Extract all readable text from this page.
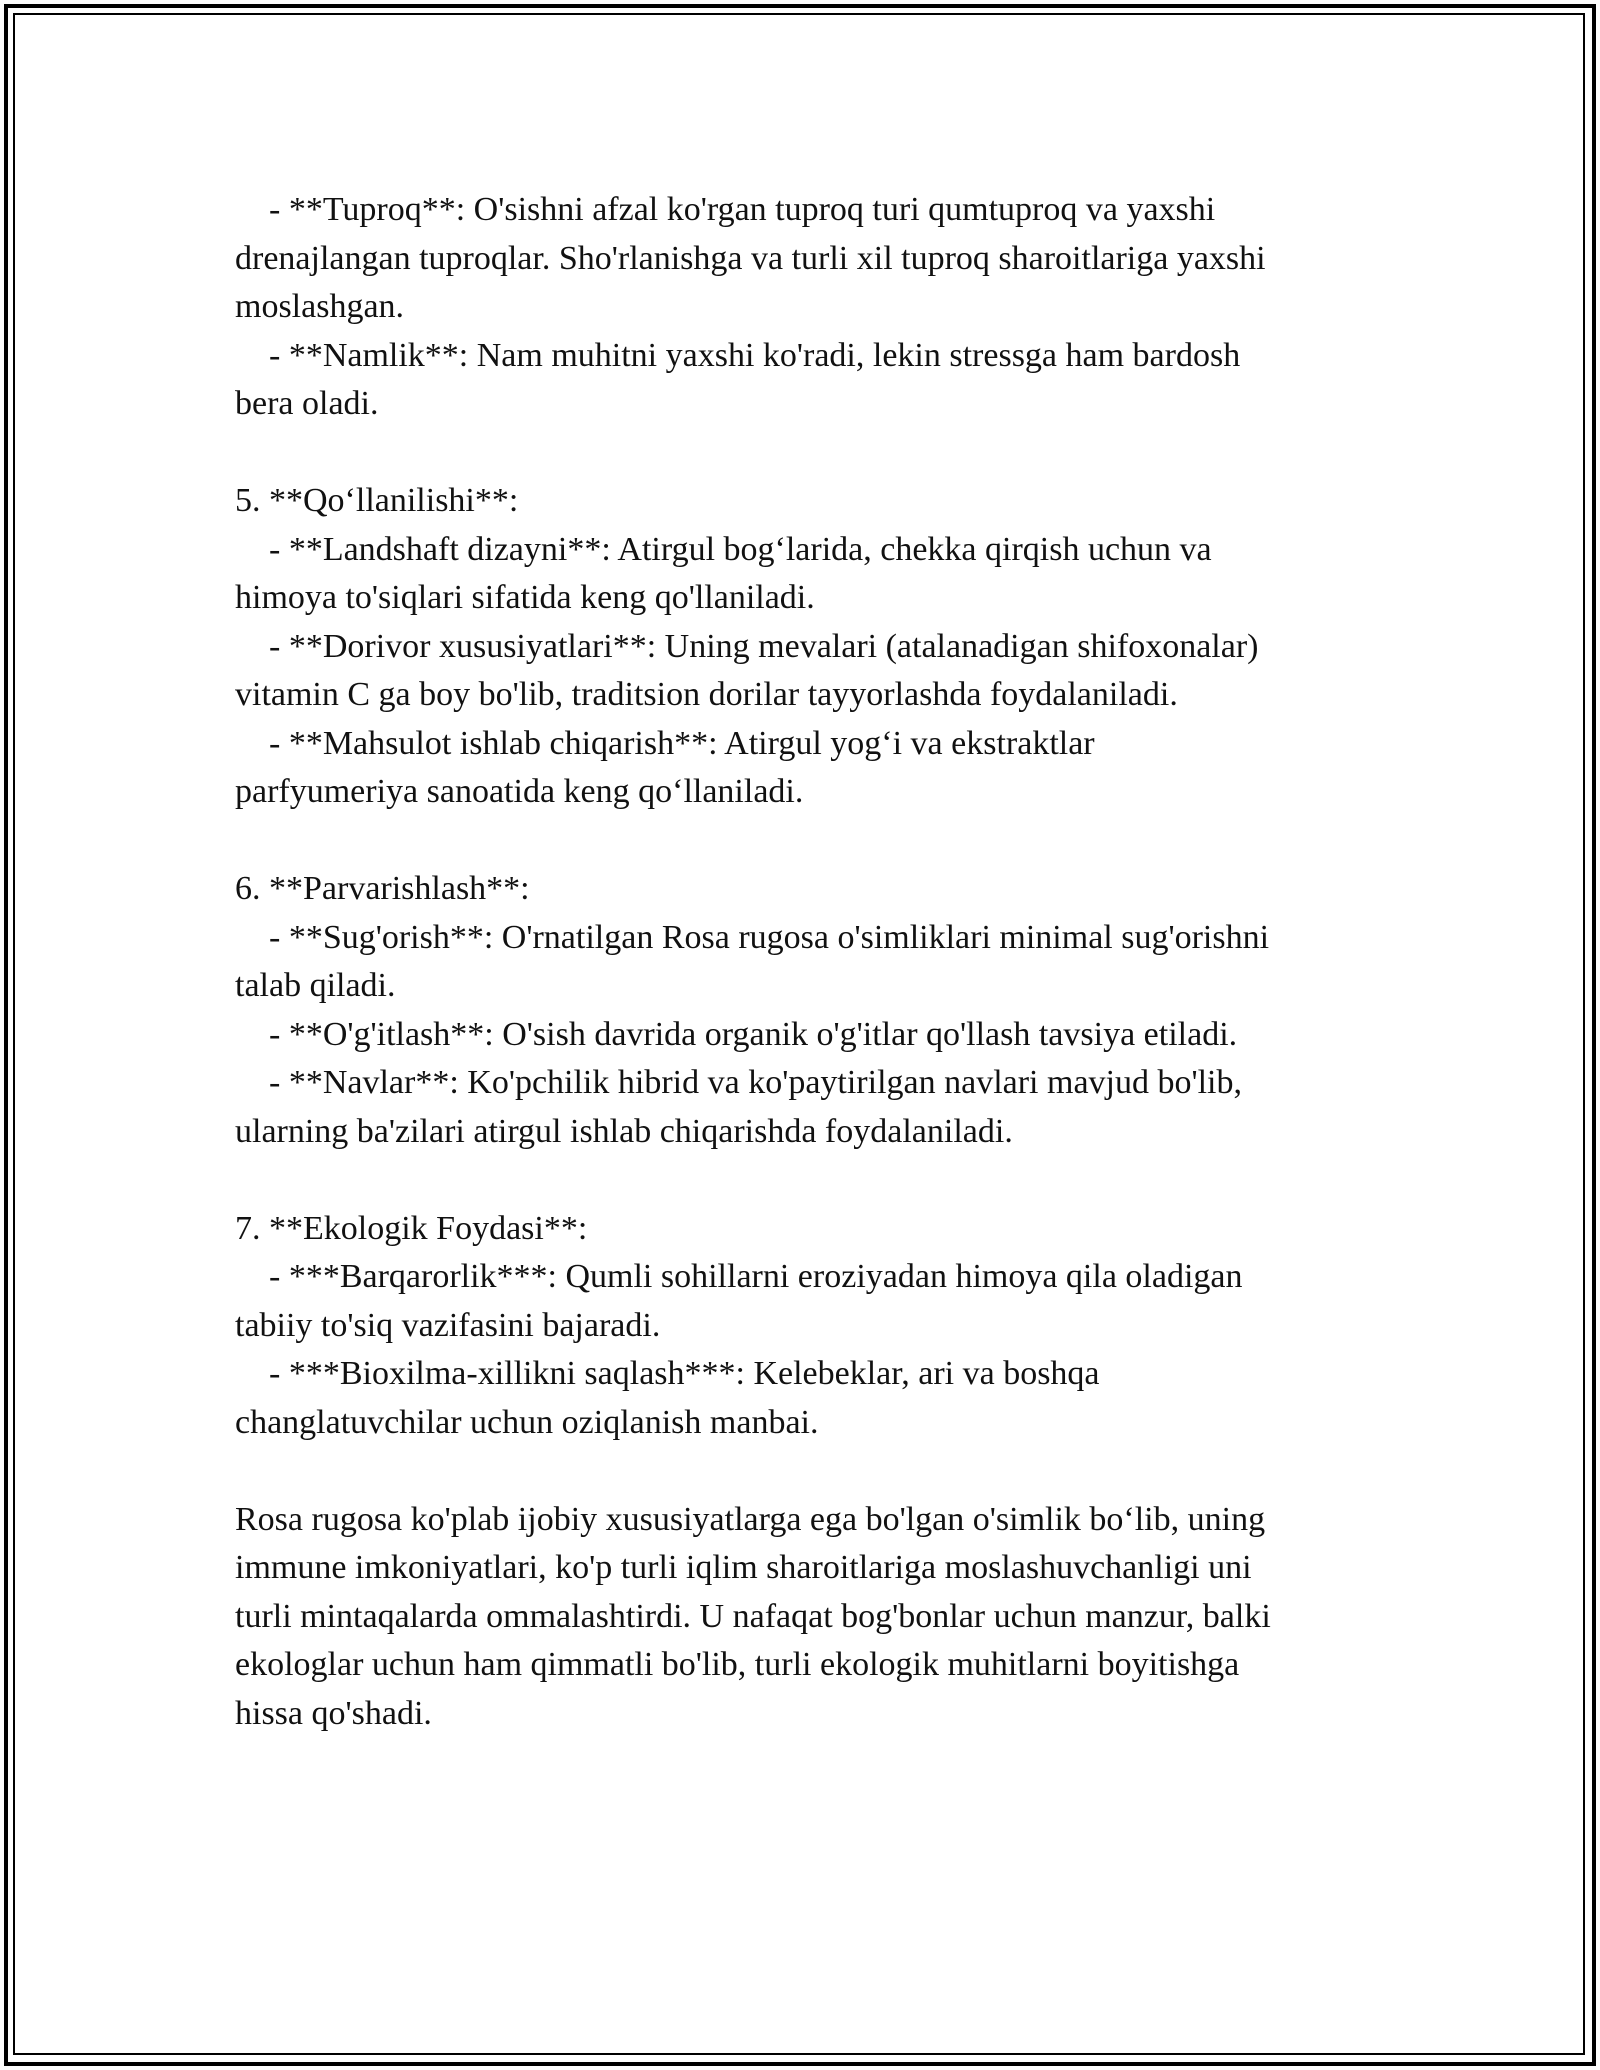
- **Tuproq**: O'sishni afzal ko'rgan tuproq turi qumtuproq va yaxshi
drenajlangan tuproqlar. Sho'rlanishga va turli xil tuproq sharoitlariga yaxshi
moslashgan.
- **Namlik**: Nam muhitni yaxshi ko'radi, lekin stressga ham bardosh
bera oladi.
5. **Qo‘llanilishi**:
- **Landshaft dizayni**: Atirgul bog‘larida, chekka qirqish uchun va
himoya to'siqlari sifatida keng qo'llaniladi.
- **Dorivor xususiyatlari**: Uning mevalari (atalanadigan shifoxonalar)
vitamin C ga boy bo'lib, traditsion dorilar tayyorlashda foydalaniladi.
- **Mahsulot ishlab chiqarish**: Atirgul yog‘i va ekstraktlar
parfyumeriya sanoatida keng qo‘llaniladi.
6. **Parvarishlash**:
- **Sug'orish**: O'rnatilgan Rosa rugosa o'simliklari minimal sug'orishni
talab qiladi.
- **O'g'itlash**: O'sish davrida organik o'g'itlar qo'llash tavsiya etiladi.
- **Navlar**: Ko'pchilik hibrid va ko'paytirilgan navlari mavjud bo'lib,
ularning ba'zilari atirgul ishlab chiqarishda foydalaniladi.
7. **Ekologik Foydasi**:
- ***Barqarorlik***: Qumli sohillarni eroziyadan himoya qila oladigan
tabiiy to'siq vazifasini bajaradi.
- ***Bioxilma-xillikni saqlash***: Kelebeklar, ari va boshqa
changlatuvchilar uchun oziqlanish manbai.
Rosa rugosa ko'plab ijobiy xususiyatlarga ega bo'lgan o'simlik bo‘lib, uning
immune imkoniyatlari, ko'p turli iqlim sharoitlariga moslashuvchanligi uni
turli mintaqalarda ommalashtirdi. U nafaqat bog'bonlar uchun manzur, balki
ekologlar uchun ham qimmatli bo'lib, turli ekologik muhitlarni boyitishga
hissa qo'shadi.
